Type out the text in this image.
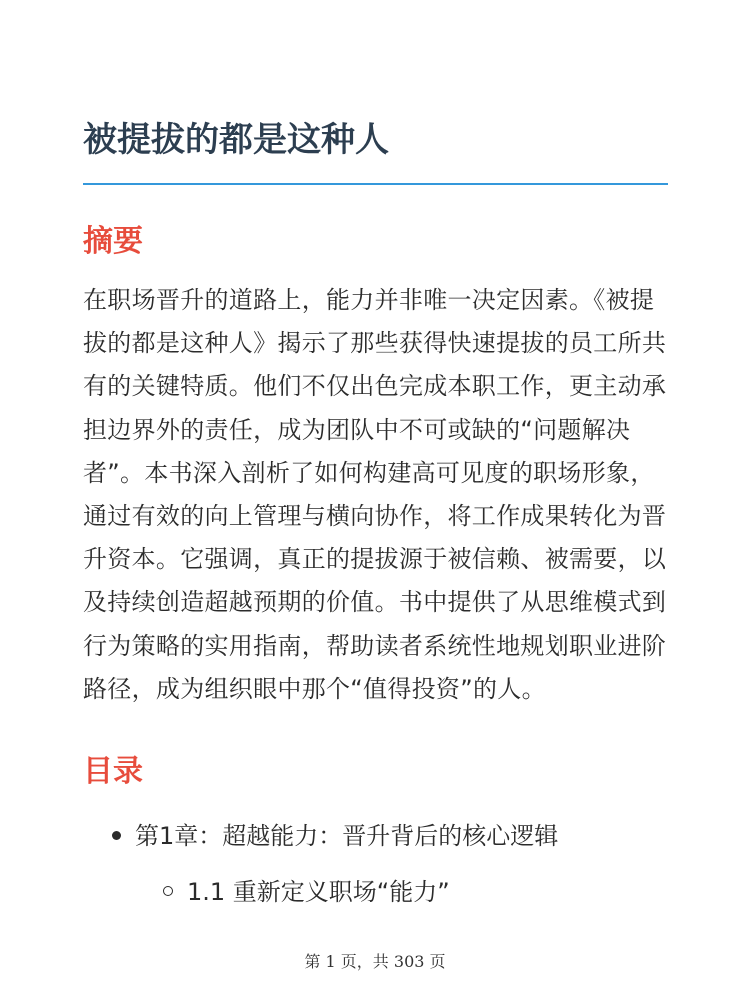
被提拔的都是这种人
摘要

在职场晋升的道路上，能力并非唯一决定因素。《被提拔的都是这种人》揭示了那些获得快速提拔的员工所共有的关键特质。他们不仅出色完成本职工作，更主动承担边界外的责任，成为团队中不可或缺的“问题解决者”。本书深入剖析了如何构建高可见度的职场形象，通过有效的向上管理与横向协作，将工作成果转化为晋升资本。它强调，真正的提拔源于被信赖、被需要，以及持续创造超越预期的价值。书中提供了从思维模式到行为策略的实用指南，帮助读者系统性地规划职业进阶路径，成为组织眼中那个“值得投资”的人。

目录
第1章：超越能力：晋升背后的核心逻辑
1.1 重新定义职场“能力”
第 1 页，共 303 页
